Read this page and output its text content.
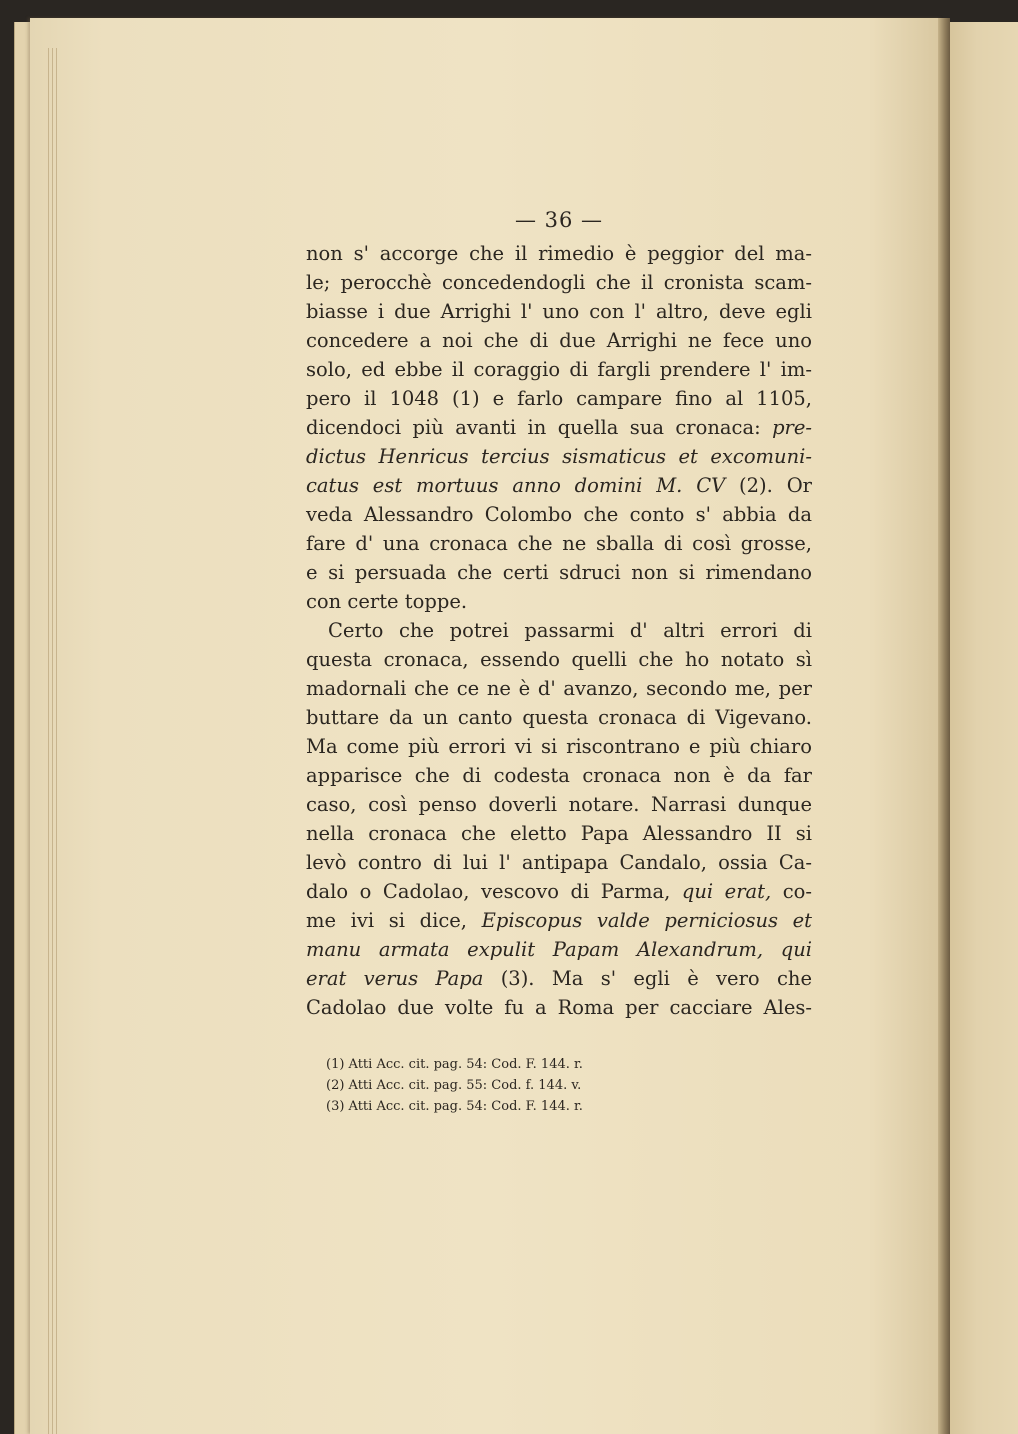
— 36 —
non s' accorge che il rimedio è peggior del ma-
le; perocchè concedendogli che il cronista scam-
biasse i due Arrighi l' uno con l' altro, deve egli
concedere a noi che di due Arrighi ne fece uno
solo, ed ebbe il coraggio di fargli prendere l' im-
pero il 1048 (1) e farlo campare fino al 1105,
dicendoci più avanti in quella sua cronaca: pre-
dictus Henricus tercius sismaticus et excomuni-
catus est mortuus anno domini M. CV (2). Or
veda Alessandro Colombo che conto s' abbia da
fare d' una cronaca che ne sballa di così grosse,
e si persuada che certi sdruci non si rimendano
con certe toppe.
Certo che potrei passarmi d' altri errori di
questa cronaca, essendo quelli che ho notato sì
madornali che ce ne è d' avanzo, secondo me, per
buttare da un canto questa cronaca di Vigevano.
Ma come più errori vi si riscontrano e più chiaro
apparisce che di codesta cronaca non è da far
caso, così penso doverli notare. Narrasi dunque
nella cronaca che eletto Papa Alessandro II si
levò contro di lui l' antipapa Candalo, ossia Ca-
dalo o Cadolao, vescovo di Parma, qui erat, co-
me ivi si dice, Episcopus valde perniciosus et
manu armata expulit Papam Alexandrum, qui
erat verus Papa (3). Ma s' egli è vero che
Cadolao due volte fu a Roma per cacciare Ales-
(1) Atti Acc. cit. pag. 54: Cod. F. 144. r.
(2) Atti Acc. cit. pag. 55: Cod. f. 144. v.
(3) Atti Acc. cit. pag. 54: Cod. F. 144. r.
